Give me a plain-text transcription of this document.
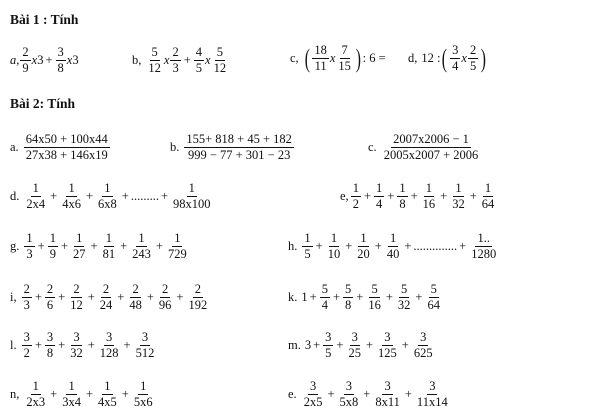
Bài 1 : Tính
a,
2
9
x $3 + \frac{3}{8}$ x 3	b,
5
12
x
2
3
+ $\frac{4}{5}$ x
5
12
c, ( 18
11
x
7
15 ) : 6 = d, 12 : ( 3
4
x
2
5 )
Bài 2: Tính
a.
64x50 + 100x44
27x38 + 146x19
b.
155+ 818 + 45 + 182
999 − 77 + 301 − 23
c.
2007x2006 − 1
2005x2007 + 2006
d.
1
2x4
+ $\frac{1}{4x6} + \frac{1}{6x8}$ + ......... + $\frac{1}{98x100}$	e,
1
2
+ $\frac{1}{4} + \frac{1}{8} + \frac{1}{16} + \frac{1}{32} + \frac{1}{64}$
g.
1
3
+ $\frac{1}{9} + \frac{1}{27} + \frac{1}{81} + \frac{1}{243} + \frac{1}{729}$	h.
1
5
+ $\frac{1}{10} + \frac{1}{20} + \frac{1}{40}$ + .............. + $\frac{1..}{1280}$
i,
2
3
+ $\frac{2}{6} + \frac{2}{12} + \frac{2}{24} + \frac{2}{48} + \frac{2}{96} + \frac{2}{192}$	k. $1 + \frac{5}{4} + \frac{5}{8} + \frac{5}{16} + \frac{5}{32} + \frac{5}{64}$
l.
3
2
+ $\frac{3}{8} + \frac{3}{32} + \frac{3}{128} + \frac{3}{512}$	m. $3 + \frac{3}{5} + \frac{3}{25} + \frac{3}{125} + \frac{3}{625}$
n,
1
2x3
+ $\frac{1}{3x4} + \frac{1}{4x5} + \frac{1}{5x6}$	e.
3
2x5
+ $\frac{3}{5x8} + \frac{3}{8x11} + \frac{3}{11x14}$
